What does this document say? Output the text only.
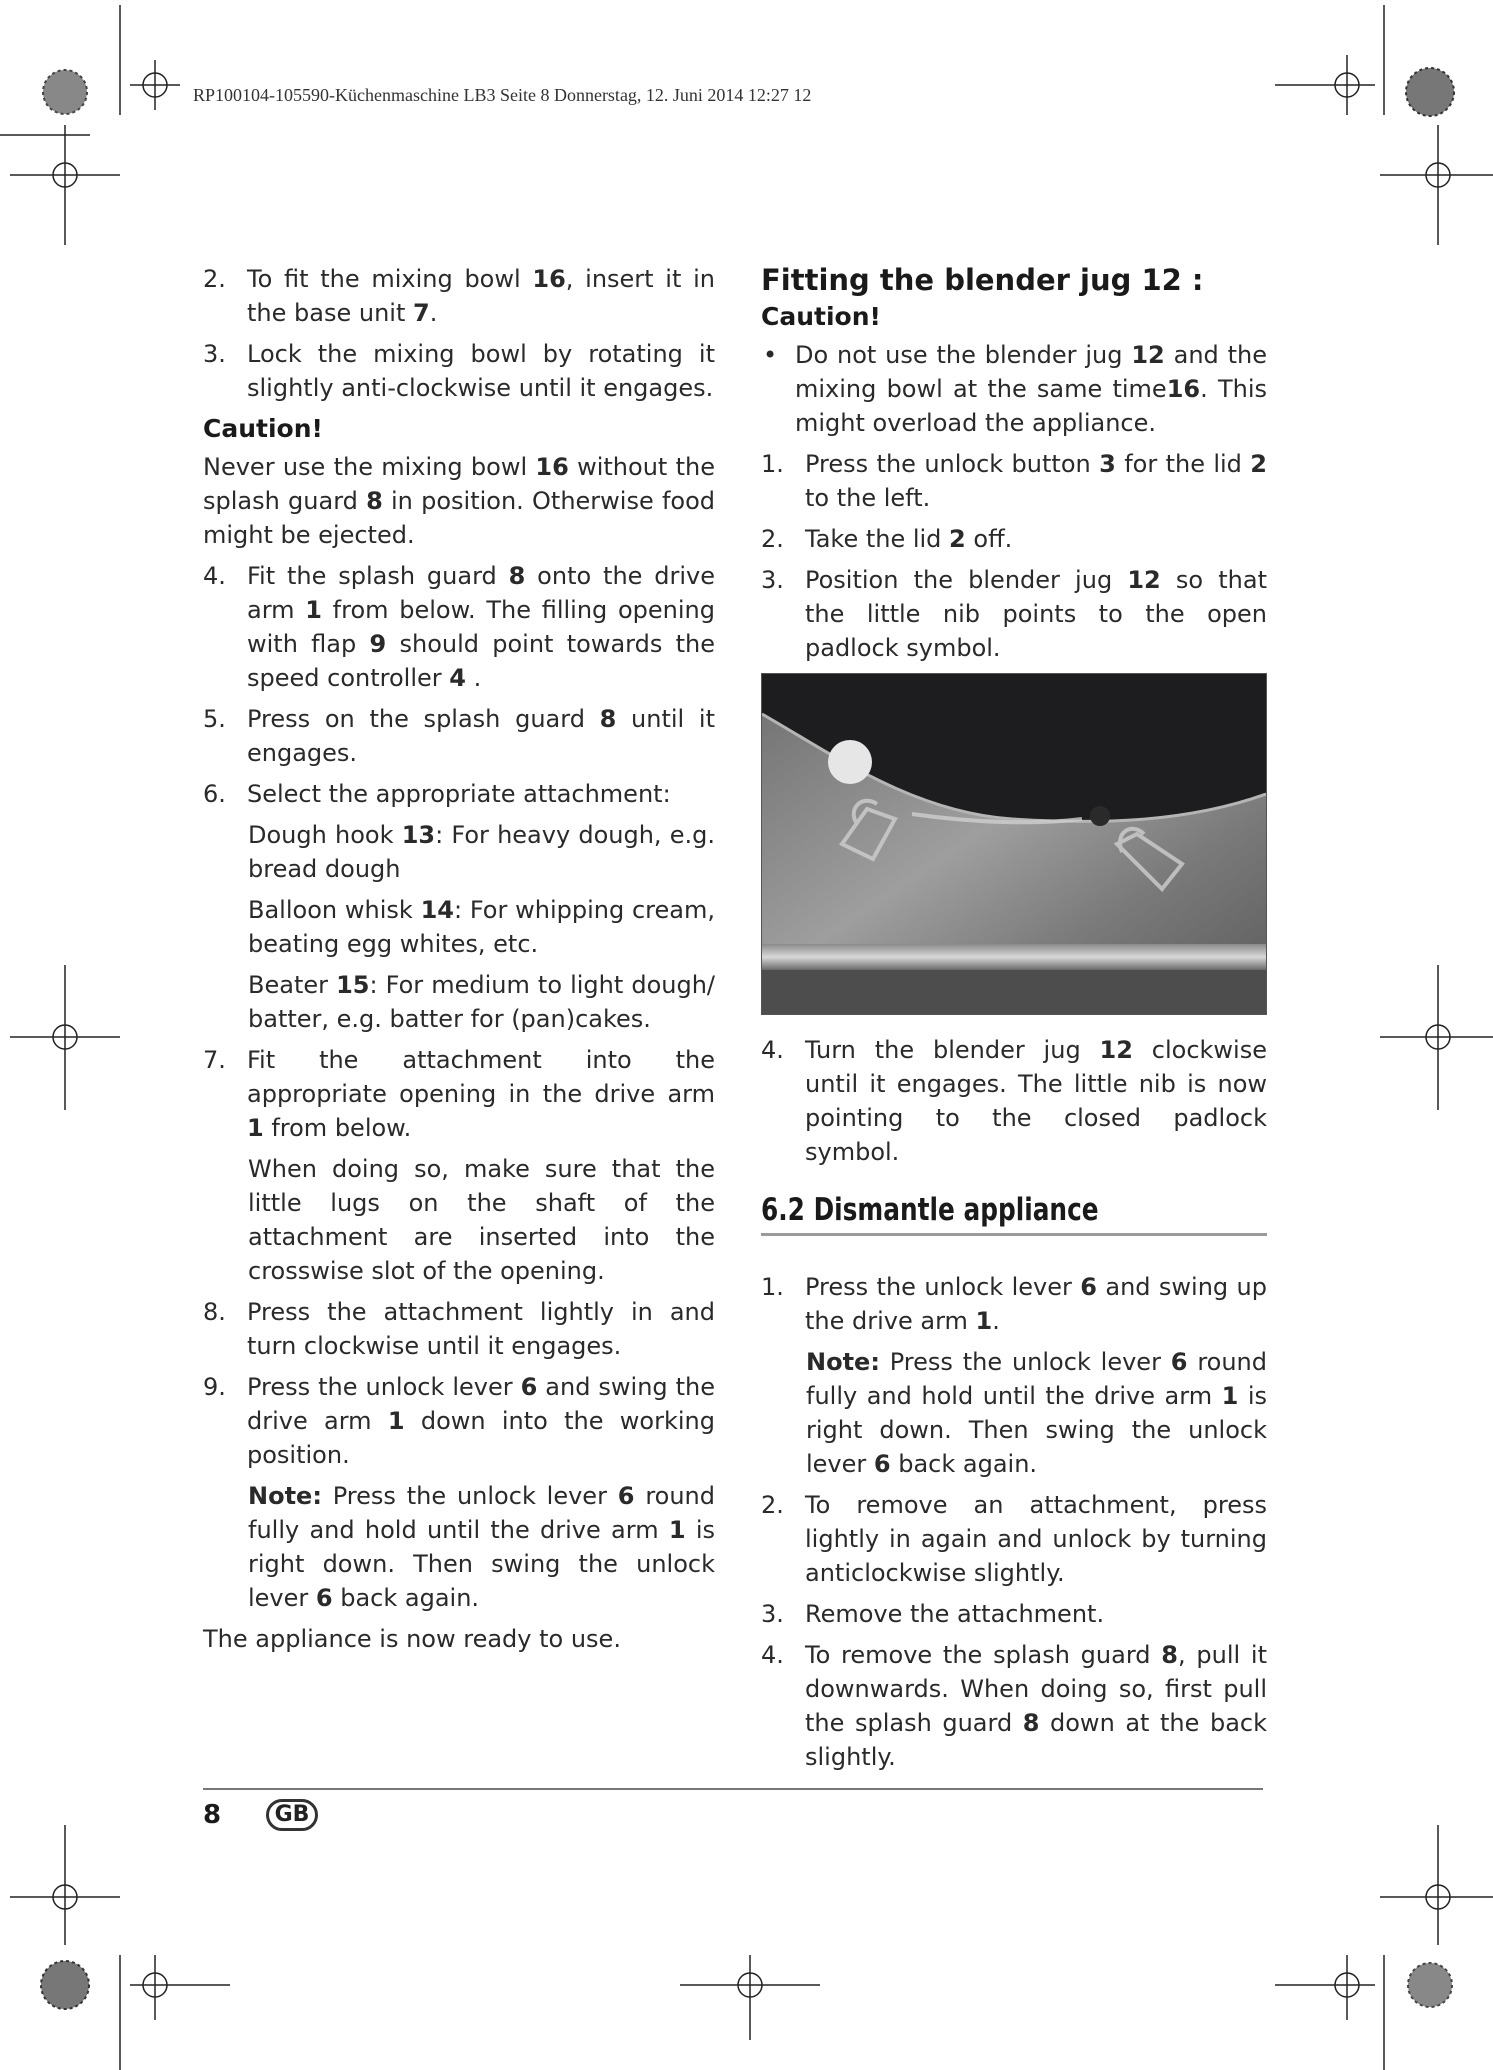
RP100104-105590-Küchenmaschine LB3 Seite 8 Donnerstag, 12. Juni 2014 12:27 12
2. To fit the mixing bowl 16, insert it in the base unit 7.
3. Lock the mixing bowl by rotating it slightly anti-clockwise until it engages.
Caution!
Never use the mixing bowl 16 without the splash guard 8 in position. Otherwise food might be ejected.
4. Fit the splash guard 8 onto the drive arm 1 from below. The filling opening with flap 9 should point towards the speed controller 4 .
5. Press on the splash guard 8 until it engages.
6. Select the appropriate attachment:
Dough hook 13: For heavy dough, e.g. bread dough
Balloon whisk 14: For whipping cream, beating egg whites, etc.
Beater 15: For medium to light dough/ batter, e.g. batter for (pan)cakes.
7. Fit the attachment into the appropriate opening in the drive arm 1 from below.
When doing so, make sure that the little lugs on the shaft of the attachment are inserted into the crosswise slot of the opening.
8. Press the attachment lightly in and turn clockwise until it engages.
9. Press the unlock lever 6 and swing the drive arm 1 down into the working position.
Note: Press the unlock lever 6 round fully and hold until the drive arm 1 is right down. Then swing the unlock lever 6 back again.
The appliance is now ready to use.
Fitting the blender jug 12 :
Caution!
• Do not use the blender jug 12 and the mixing bowl at the same time16. This might overload the appliance.
1. Press the unlock button 3 for the lid 2 to the left.
2. Take the lid 2 off.
3. Position the blender jug 12 so that the little nib points to the open padlock symbol.
4. Turn the blender jug 12 clockwise until it engages. The little nib is now pointing to the closed padlock symbol.
6.2 Dismantle appliance
1. Press the unlock lever 6 and swing up the drive arm 1.
Note: Press the unlock lever 6 round fully and hold until the drive arm 1 is right down. Then swing the unlock lever 6 back again.
2. To remove an attachment, press lightly in again and unlock by turning anticlockwise slightly.
3. Remove the attachment.
4. To remove the splash guard 8, pull it downwards. When doing so, first pull the splash guard 8 down at the back slightly.
8	GB
